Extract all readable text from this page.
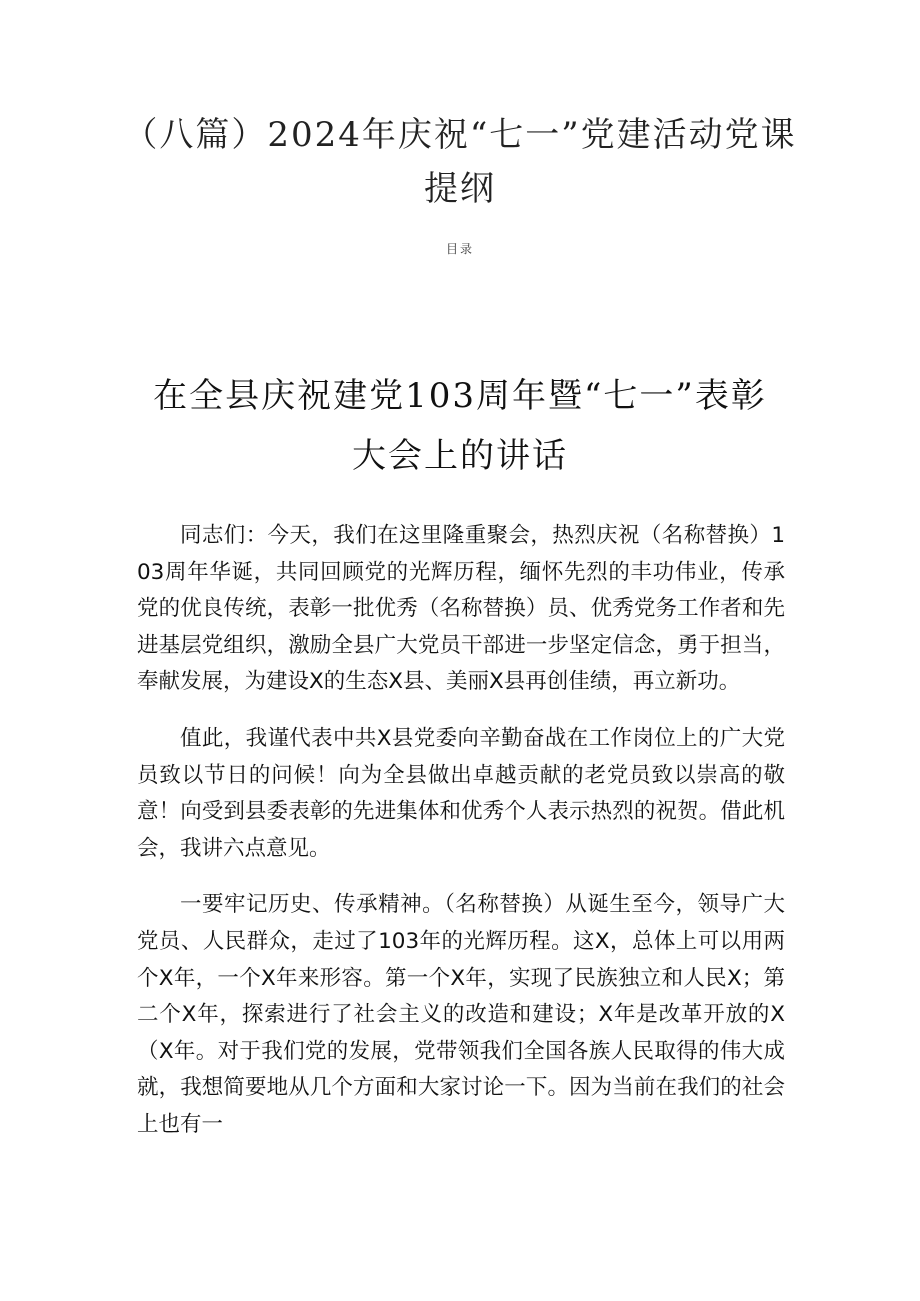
（八篇）2024年庆祝“七一”党建活动党课提纲
目录
在全县庆祝建党103周年暨“七一”表彰大会上的讲话

同志们：今天，我们在这里隆重聚会，热烈庆祝（名称替换）103周年华诞，共同回顾党的光辉历程，缅怀先烈的丰功伟业，传承党的优良传统，表彰一批优秀（名称替换）员、优秀党务工作者和先进基层党组织，激励全县广大党员干部进一步坚定信念，勇于担当，奉献发展，为建设X的生态X县、美丽X县再创佳绩，再立新功。

值此，我谨代表中共X县党委向辛勤奋战在工作岗位上的广大党员致以节日的问候！向为全县做出卓越贡献的老党员致以崇高的敬意！向受到县委表彰的先进集体和优秀个人表示热烈的祝贺。借此机会，我讲六点意见。

一要牢记历史、传承精神。（名称替换）从诞生至今，领导广大党员、人民群众，走过了103年的光辉历程。这X，总体上可以用两个X年，一个X年来形容。第一个X年，实现了民族独立和人民X；第二个X年，探索进行了社会主义的改造和建设；X年是改革开放的X（X年。对于我们党的发展，党带领我们全国各族人民取得的伟大成就，我想简要地从几个方面和大家讨论一下。因为当前在我们的社会上也有一
